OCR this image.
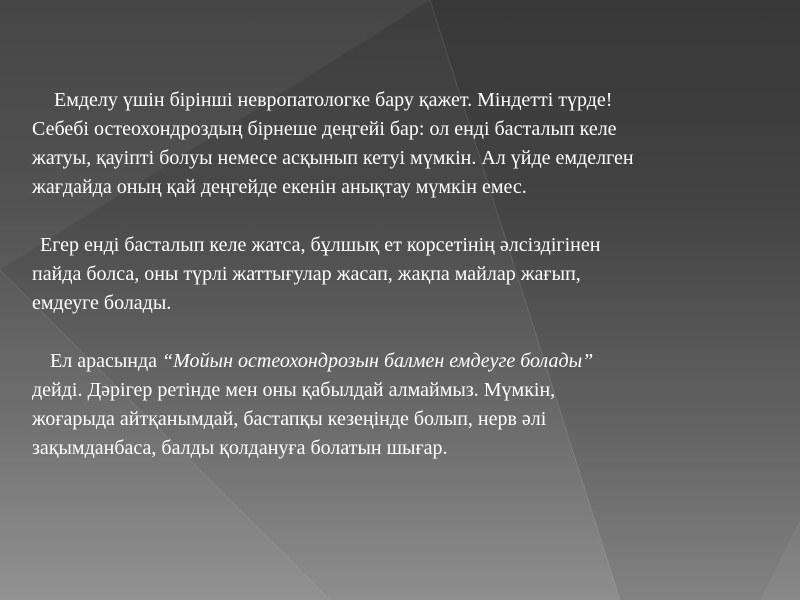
Емделу үшін бірінші невропатологке бару қажет. Міндетті түрде!
Себебі остеохондроздың бірнеше деңгейі бар: ол енді басталып келе
жатуы, қауіпті болуы немесе асқынып кетуі мүмкін. Ал үйде емделген
жағдайда оның қай деңгейде екенін анықтау мүмкін емес.

Егер енді басталып келе жатса, бұлшық ет корсетінің әлсіздігінен
пайда болса, оны түрлі жаттығулар жасап, жақпа майлар жағып,
емдеуге болады.

Ел арасында “Мойын остеохондрозын балмен емдеуге болады”
дейді. Дәрігер ретінде мен оны қабылдай алмаймыз. Мүмкін,
жоғарыда айтқанымдай, бастапқы кезеңінде болып, нерв әлі
зақымданбаса, балды қолдануға болатын шығар.
